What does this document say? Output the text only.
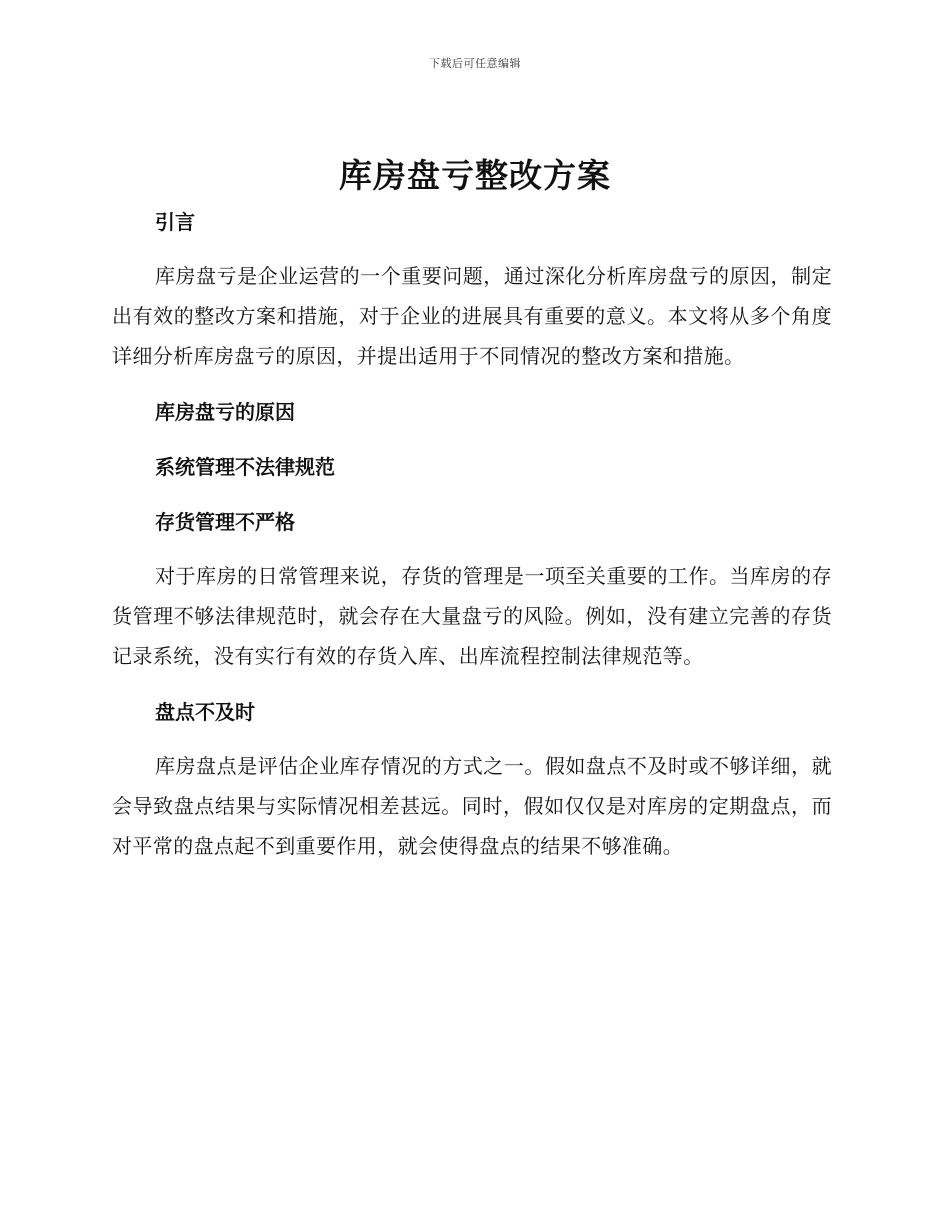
下载后可任意编辑
库房盘亏整改方案
引言

库房盘亏是企业运营的一个重要问题，通过深化分析库房盘亏的原因，制定出有效的整改方案和措施，对于企业的进展具有重要的意义。本文将从多个角度详细分析库房盘亏的原因，并提出适用于不同情况的整改方案和措施。

库房盘亏的原因
系统管理不法律规范
存货管理不严格

对于库房的日常管理来说，存货的管理是一项至关重要的工作。当库房的存货管理不够法律规范时，就会存在大量盘亏的风险。例如，没有建立完善的存货记录系统，没有实行有效的存货入库、出库流程控制法律规范等。

盘点不及时

库房盘点是评估企业库存情况的方式之一。假如盘点不及时或不够详细，就会导致盘点结果与实际情况相差甚远。同时，假如仅仅是对库房的定期盘点，而对平常的盘点起不到重要作用，就会使得盘点的结果不够准确。
